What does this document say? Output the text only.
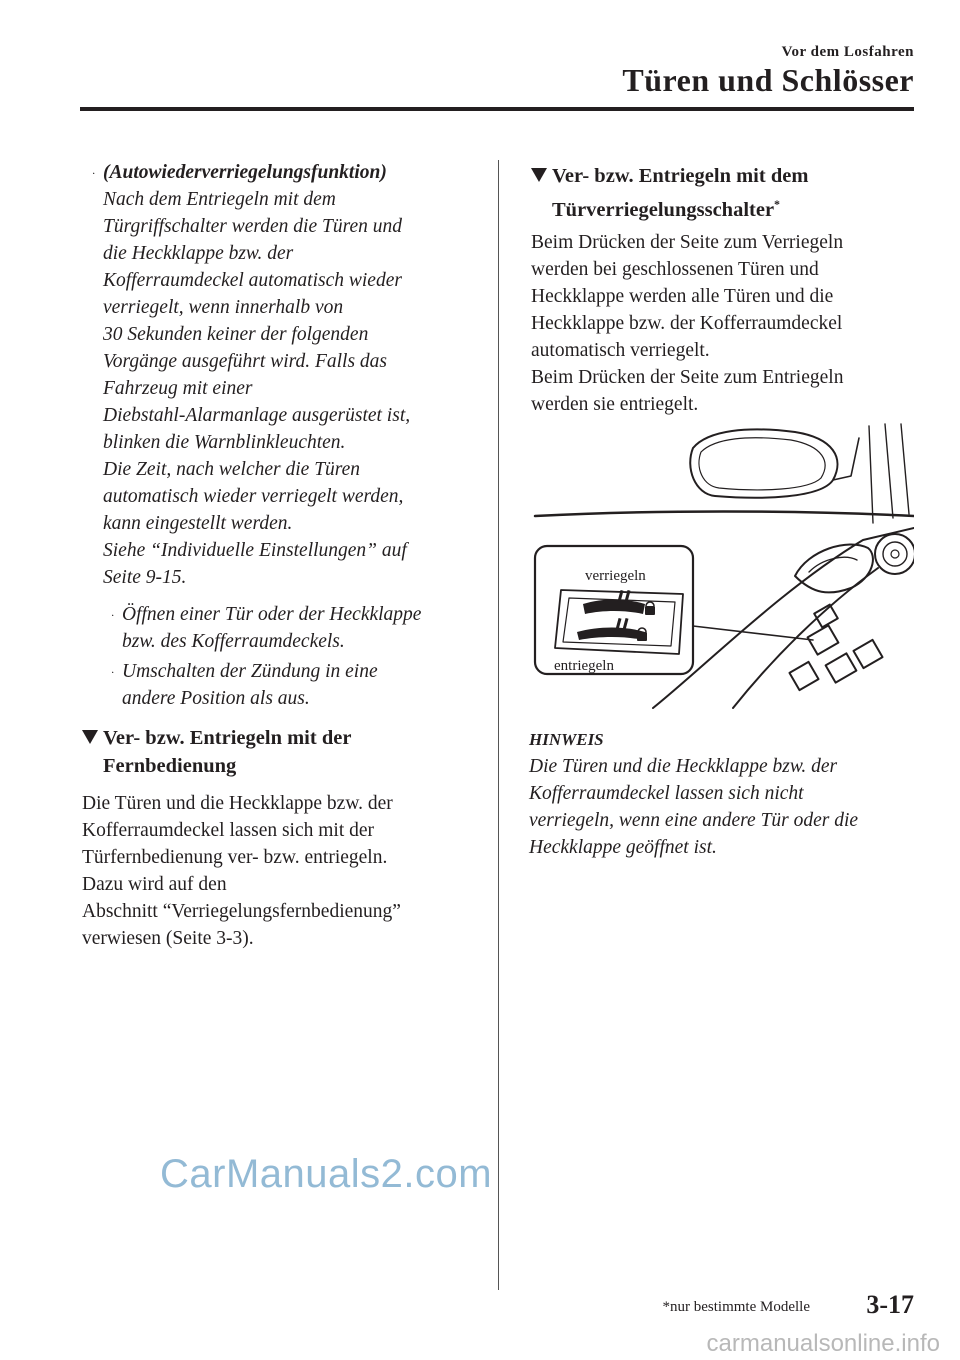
Vor dem Losfahren
Türen und Schlösser
· (Autowiederverriegelungsfunktion)

Nach dem Entriegeln mit dem

Türgriffschalter werden die Türen und

die Heckklappe bzw. der

Kofferraumdeckel automatisch wieder

verriegelt, wenn innerhalb von

30 Sekunden keiner der folgenden

Vorgänge ausgeführt wird. Falls das

Fahrzeug mit einer

Diebstahl-Alarmanlage ausgerüstet ist,

blinken die Warnblinkleuchten.

Die Zeit, nach welcher die Türen

automatisch wieder verriegelt werden,

kann eingestellt werden.

Siehe “Individuelle Einstellungen” auf

Seite 9-15.

· Öffnen einer Tür oder der Heckklappe

bzw. des Kofferraumdeckels.

· Umschalten der Zündung in eine

andere Position als aus.

Ver- bzw. Entriegeln mit der

Fernbedienung

Die Türen und die Heckklappe bzw. der

Kofferraumdeckel lassen sich mit der

Türfernbedienung ver- bzw. entriegeln.

Dazu wird auf den

Abschnitt “Verriegelungsfernbedienung”

verwiesen (Seite 3-3).

Ver- bzw. Entriegeln mit dem

Türverriegelungsschalter*

Beim Drücken der Seite zum Verriegeln

werden bei geschlossenen Türen und

Heckklappe werden alle Türen und die

Heckklappe bzw. der Kofferraumdeckel

automatisch verriegelt.

Beim Drücken der Seite zum Entriegeln

werden sie entriegelt.

verriegeln
entriegeln

HINWEIS

Die Türen und die Heckklappe bzw. der

Kofferraumdeckel lassen sich nicht

verriegeln, wenn eine andere Tür oder die

Heckklappe geöffnet ist.

*nur bestimmte Modelle 3-17
CarManuals2.com
carmanualsonline.info
